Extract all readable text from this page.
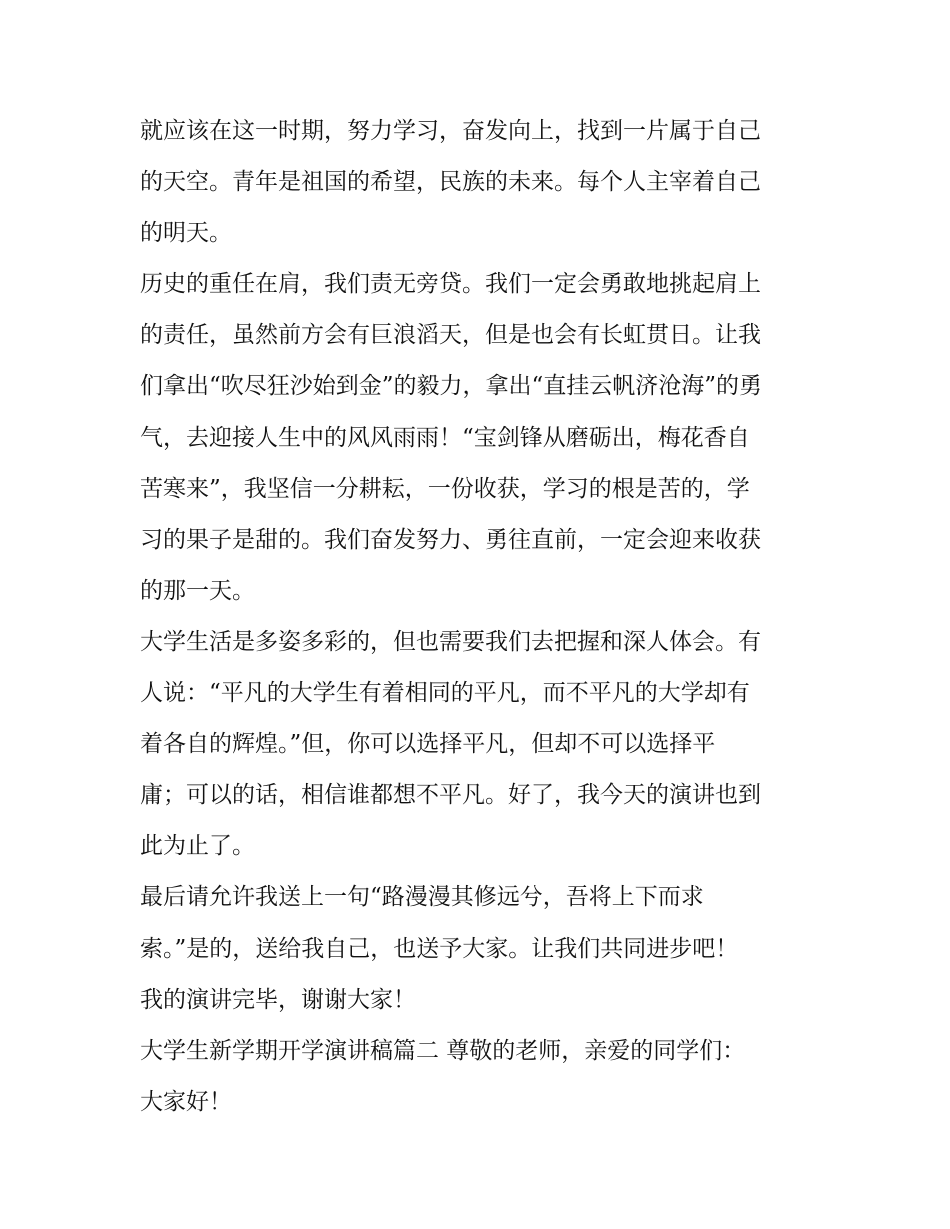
就应该在这一时期，努力学习，奋发向上，找到一片属于自己
的天空。青年是祖国的希望，民族的未来。每个人主宰着自己
的明天。
历史的重任在肩，我们责无旁贷。我们一定会勇敢地挑起肩上
的责任，虽然前方会有巨浪滔天，但是也会有长虹贯日。让我
们拿出“吹尽狂沙始到金”的毅力，拿出“直挂云帆济沧海”的勇
气，去迎接人生中的风风雨雨！“宝剑锋从磨砺出，梅花香自
苦寒来”，我坚信一分耕耘，一份收获，学习的根是苦的，学
习的果子是甜的。我们奋发努力、勇往直前，一定会迎来收获
的那一天。
大学生活是多姿多彩的，但也需要我们去把握和深人体会。有
人说：“平凡的大学生有着相同的平凡，而不平凡的大学却有
着各自的辉煌。”但，你可以选择平凡，但却不可以选择平
庸；可以的话，相信谁都想不平凡。好了，我今天的演讲也到
此为止了。
最后请允许我送上一句“路漫漫其修远兮，吾将上下而求
索。”是的，送给我自己，也送予大家。让我们共同进步吧！
我的演讲完毕，谢谢大家！
大学生新学期开学演讲稿篇二 尊敬的老师，亲爱的同学们：
大家好！
